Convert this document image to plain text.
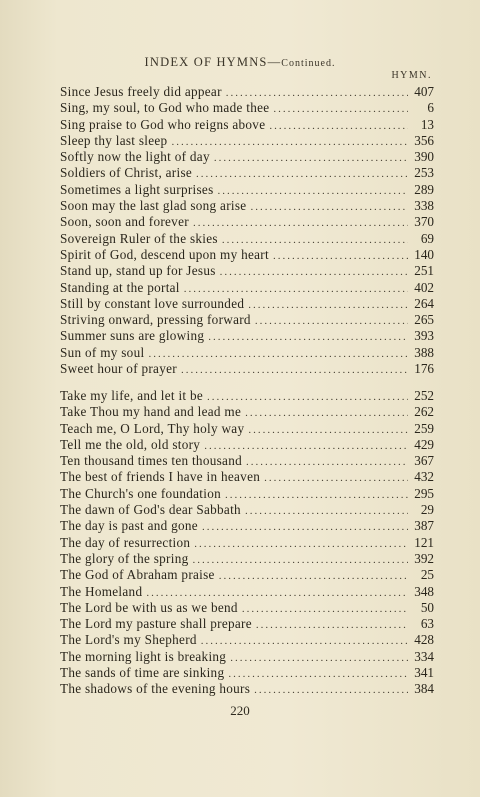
INDEX OF HYMNS—Continued.
HYMN.
Since Jesus freely did appear .....	407
Sing, my soul, to God who made thee .....	6
Sing praise to God who reigns above .....	13
Sleep thy last sleep .....	356
Softly now the light of day .....	390
Soldiers of Christ, arise .....	253
Sometimes a light surprises .....	289
Soon may the last glad song arise .....	338
Soon, soon and forever .....	370
Sovereign Ruler of the skies .....	69
Spirit of God, descend upon my heart .....	140
Stand up, stand up for Jesus .....	251
Standing at the portal .....	402
Still by constant love surrounded .....	264
Striving onward, pressing forward .....	265
Summer suns are glowing .....	393
Sun of my soul .....	388
Sweet hour of prayer .....	176
Take my life, and let it be .....	252
Take Thou my hand and lead me .....	262
Teach me, O Lord, Thy holy way .....	259
Tell me the old, old story .....	429
Ten thousand times ten thousand .....	367
The best of friends I have in heaven .....	432
The Church's one foundation .....	295
The dawn of God's dear Sabbath .....	29
The day is past and gone .....	387
The day of resurrection .....	121
The glory of the spring .....	392
The God of Abraham praise .....	25
The Homeland .....	348
The Lord be with us as we bend .....	50
The Lord my pasture shall prepare .....	63
The Lord's my Shepherd .....	428
The morning light is breaking .....	334
The sands of time are sinking .....	341
The shadows of the evening hours .....	384
220
